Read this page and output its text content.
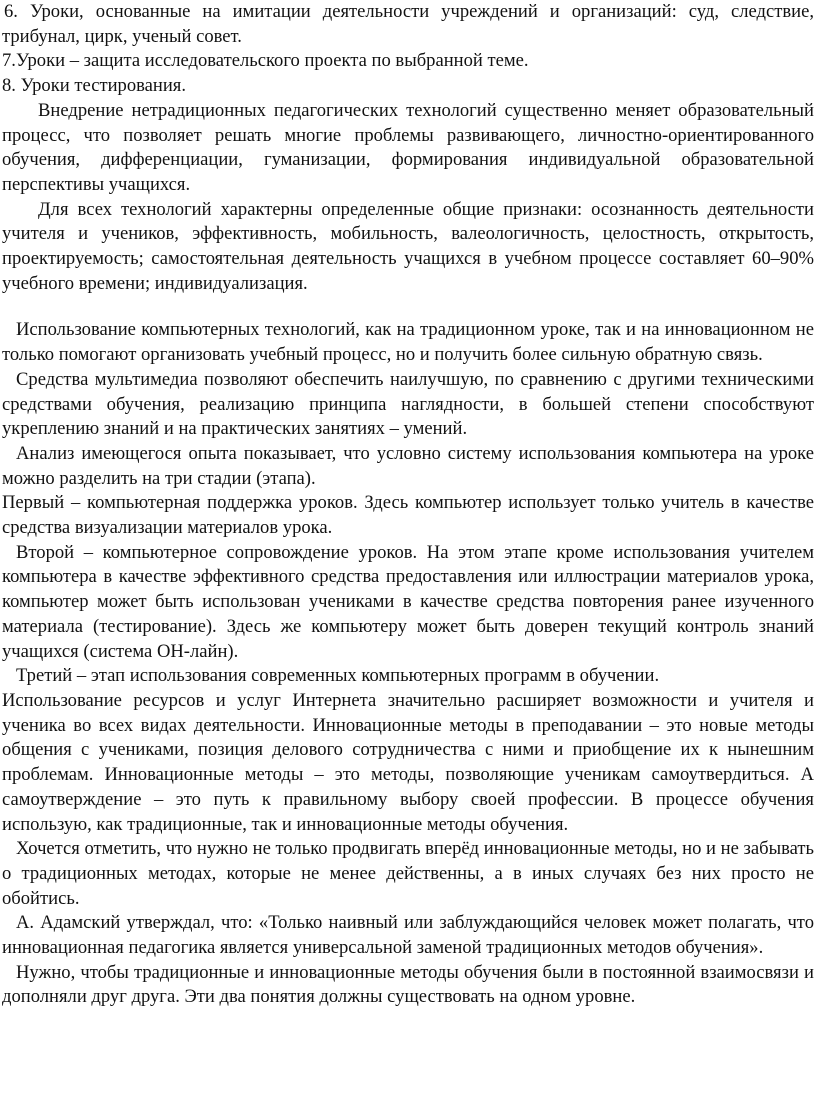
6. Уроки, основанные на имитации деятельности учреждений и организаций: суд, следствие, трибунал, цирк, ученый совет.

7.Уроки – защита исследовательского проекта по выбранной теме.

8. Уроки тестирования.

Внедрение нетрадиционных педагогических технологий существенно меняет образовательный процесс, что позволяет решать многие проблемы развивающего, личностно-ориентированного обучения, дифференциации, гуманизации, формирования индивидуальной образовательной перспективы учащихся.

Для всех технологий характерны определенные общие признаки: осознанность деятельности учителя и учеников, эффективность, мобильность, валеологичность, целостность, открытость, проектируемость; самостоятельная деятельность учащихся в учебном процессе составляет 60–90% учебного времени; индивидуализация.

Использование компьютерных технологий, как на традиционном уроке, так и на инновационном не только помогают организовать учебный процесс, но и получить более сильную обратную связь.

Средства мультимедиа позволяют обеспечить наилучшую, по сравнению с другими техническими средствами обучения, реализацию принципа наглядности, в большей степени способствуют укреплению знаний и на практических занятиях – умений.

Анализ имеющегося опыта показывает, что условно систему использования компьютера на уроке можно разделить на три стадии (этапа).

Первый – компьютерная поддержка уроков. Здесь компьютер использует только учитель в качестве средства визуализации материалов урока.

Второй – компьютерное сопровождение уроков. На этом этапе кроме использования учителем компьютера в качестве эффективного средства предоставления или иллюстрации материалов урока, компьютер может быть использован учениками в качестве средства повторения ранее изученного материала (тестирование). Здесь же компьютеру может быть доверен текущий контроль знаний учащихся (система ОН-лайн).

Третий – этап использования современных компьютерных программ в обучении.

Использование ресурсов и услуг Интернета значительно расширяет возможности и учителя и ученика во всех видах деятельности. Инновационные методы в преподавании – это новые методы общения с учениками, позиция делового сотрудничества с ними и приобщение их к нынешним проблемам. Инновационные методы – это методы, позволяющие ученикам самоутвердиться. А самоутверждение – это путь к правильному выбору своей профессии. В процессе обучения использую, как традиционные, так и инновационные методы обучения.

Хочется отметить, что нужно не только продвигать вперёд инновационные методы, но и не забывать о традиционных методах, которые не менее действенны, а в иных случаях без них просто не обойтись.

А. Адамский утверждал, что: «Только наивный или заблуждающийся человек может полагать, что инновационная педагогика является универсальной заменой традиционных методов обучения».

Нужно, чтобы традиционные и инновационные методы обучения были в постоянной взаимосвязи и дополняли друг друга. Эти два понятия должны существовать на одном уровне.
